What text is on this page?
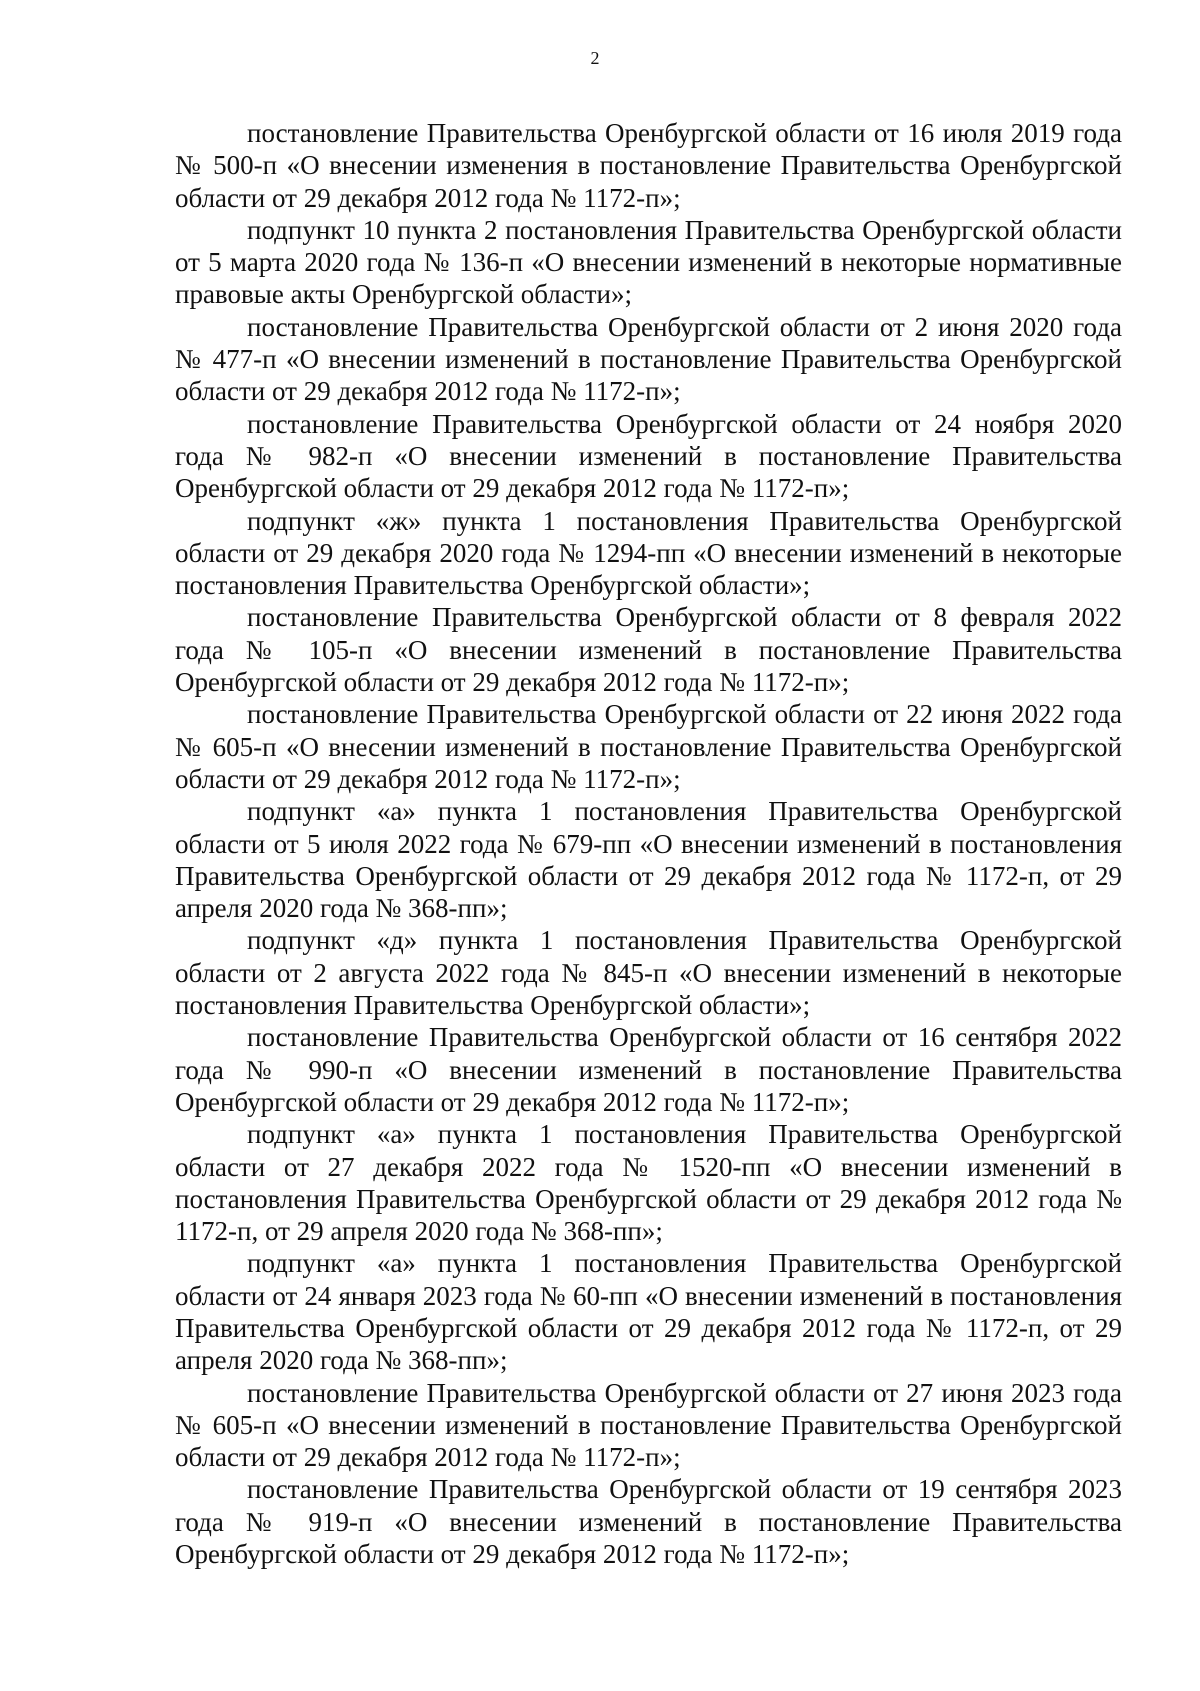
2

постановление Правительства Оренбургской области от 16 июля 2019 года № 500-п «О внесении изменения в постановление Правительства Оренбургской области от 29 декабря 2012 года № 1172-п»;

подпункт 10 пункта 2 постановления Правительства Оренбургской области от 5 марта 2020 года № 136-п «О внесении изменений в некоторые нормативные правовые акты Оренбургской области»;

постановление Правительства Оренбургской области от 2 июня 2020 года № 477-п «О внесении изменений в постановление Правительства Оренбургской области от 29 декабря 2012 года № 1172-п»;

постановление Правительства Оренбургской области от 24 ноября 2020 года № 982-п «О внесении изменений в постановление Правительства Оренбургской области от 29 декабря 2012 года № 1172-п»;

подпункт «ж» пункта 1 постановления Правительства Оренбургской области от 29 декабря 2020 года № 1294-пп «О внесении изменений в некоторые постановления Правительства Оренбургской области»;

постановление Правительства Оренбургской области от 8 февраля 2022 года № 105-п «О внесении изменений в постановление Правительства Оренбургской области от 29 декабря 2012 года № 1172-п»;

постановление Правительства Оренбургской области от 22 июня 2022 года № 605-п «О внесении изменений в постановление Правительства Оренбургской области от 29 декабря 2012 года № 1172-п»;

подпункт «а» пункта 1 постановления Правительства Оренбургской области от 5 июля 2022 года № 679-пп «О внесении изменений в постановления Правительства Оренбургской области от 29 декабря 2012 года № 1172-п, от 29 апреля 2020 года № 368-пп»;

подпункт «д» пункта 1 постановления Правительства Оренбургской области от 2 августа 2022 года № 845-п «О внесении изменений в некоторые постановления Правительства Оренбургской области»;

постановление Правительства Оренбургской области от 16 сентября 2022 года № 990-п «О внесении изменений в постановление Правительства Оренбургской области от 29 декабря 2012 года № 1172-п»;

подпункт «а» пункта 1 постановления Правительства Оренбургской области от 27 декабря 2022 года № 1520-пп «О внесении изменений в постановления Правительства Оренбургской области от 29 декабря 2012 года № 1172-п, от 29 апреля 2020 года № 368-пп»;

подпункт «а» пункта 1 постановления Правительства Оренбургской области от 24 января 2023 года № 60-пп «О внесении изменений в постановления Правительства Оренбургской области от 29 декабря 2012 года № 1172-п, от 29 апреля 2020 года № 368-пп»;

постановление Правительства Оренбургской области от 27 июня 2023 года № 605-п «О внесении изменений в постановление Правительства Оренбургской области от 29 декабря 2012 года № 1172-п»;

постановление Правительства Оренбургской области от 19 сентября 2023 года № 919-п «О внесении изменений в постановление Правительства Оренбургской области от 29 декабря 2012 года № 1172-п»;
